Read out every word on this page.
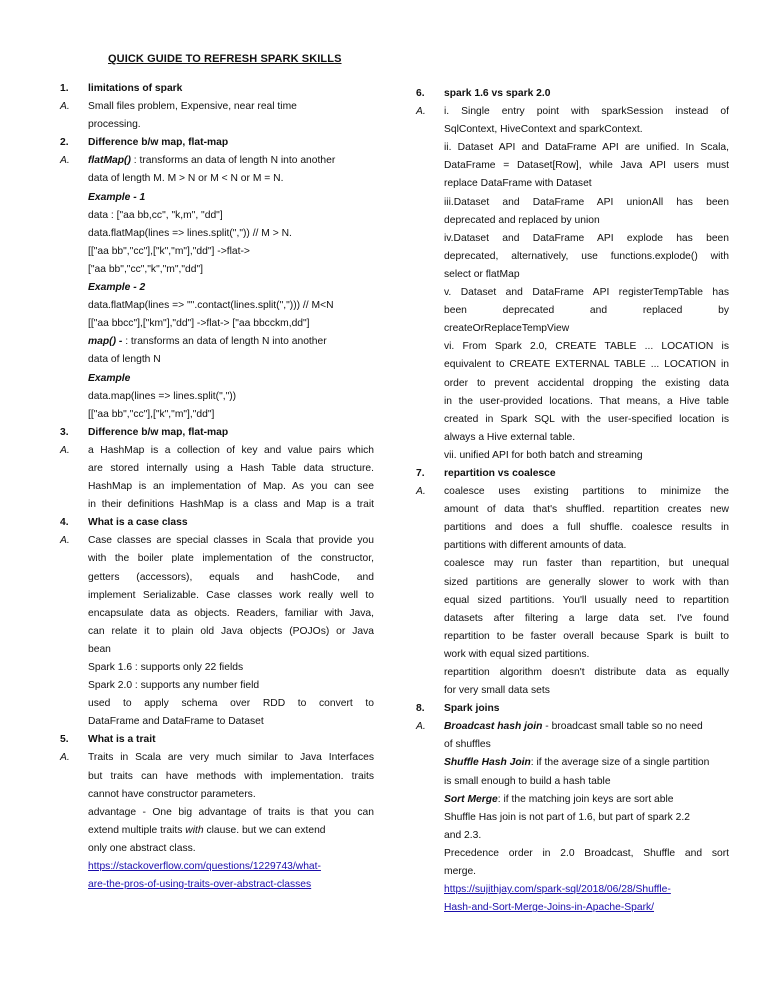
QUICK GUIDE TO REFRESH SPARK SKILLS
1.	limitations of spark
A.	Small files problem, Expensive, near real time
processing.
2.	Difference b/w map, flat-map
A.	flatMap() : transforms an data of length N into another
data of length M. M > N or M < N or M = N.
Example - 1
data : ["aa bb,cc", "k,m", "dd"]
data.flatMap(lines => lines.split(",")) // M > N.
[["aa bb","cc"],["k","m"],"dd"] ->flat->
["aa bb","cc","k","m","dd"]
Example - 2
data.flatMap(lines => "".contact(lines.split(","))) // M<N
[["aa bbcc"],["km"],"dd"] ->flat-> ["aa bbcckm,dd"]
map() - : transforms an data of length N into another
data of length N
Example
data.map(lines => lines.split(","))
[["aa bb","cc"],["k","m"],"dd"]
3.	Difference b/w map, flat-map
A.	a HashMap is a collection of key and value pairs which
are stored internally using a Hash Table data structure.
HashMap is an implementation of Map. As you can see
in their definitions HashMap is a class and Map is a trait
4.	What is a case class
A.	Case classes are special classes in Scala that provide you
with the boiler plate implementation of the constructor,
getters (accessors), equals and hashCode, and
implement Serializable. Case classes work really well to
encapsulate data as objects. Readers, familiar with Java,
can relate it to plain old Java objects (POJOs) or Java
bean
Spark 1.6 : supports only 22 fields
Spark 2.0 : supports any number field
used to apply schema over RDD to convert to
DataFrame and DataFrame to Dataset
5.	What is a trait
A.	Traits in Scala are very much similar to Java Interfaces
but traits can have methods with implementation. traits
cannot have constructor parameters.
advantage - One big advantage of traits is that you can
extend multiple traits with clause. but we can extend
only one abstract class.
https://stackoverflow.com/questions/1229743/what-
are-the-pros-of-using-traits-over-abstract-classes
6.	spark 1.6 vs spark 2.0
A.	i. Single entry point with sparkSession instead of
SqlContext, HiveContext and sparkContext.
ii. Dataset API and DataFrame API are unified. In Scala,
DataFrame = Dataset[Row], while Java API users must
replace DataFrame with Dataset
iii.Dataset and DataFrame API unionAll has been
deprecated and replaced by union
iv.Dataset and DataFrame API explode has been
deprecated, alternatively, use functions.explode() with
select or flatMap
v. Dataset and DataFrame API registerTempTable has
been deprecated and replaced by
createOrReplaceTempView
vi. From Spark 2.0, CREATE TABLE ... LOCATION is
equivalent to CREATE EXTERNAL TABLE ... LOCATION in
order to prevent accidental dropping the existing data
in the user-provided locations. That means, a Hive table
created in Spark SQL with the user-specified location is
always a Hive external table.
vii. unified API for both batch and streaming
7.	repartition vs coalesce
A.	coalesce uses existing partitions to minimize the
amount of data that's shuffled. repartition creates new
partitions and does a full shuffle. coalesce results in
partitions with different amounts of data.
coalesce may run faster than repartition, but unequal
sized partitions are generally slower to work with than
equal sized partitions. You'll usually need to repartition
datasets after filtering a large data set. I've found
repartition to be faster overall because Spark is built to
work with equal sized partitions.
repartition algorithm doesn't distribute data as equally
for very small data sets
8.	Spark joins
A.	Broadcast hash join - broadcast small table so no need
of shuffles
Shuffle Hash Join: if the average size of a single partition
is small enough to build a hash table
Sort Merge: if the matching join keys are sort able
Shuffle Has join is not part of 1.6, but part of spark 2.2
and 2.3.
Precedence order in 2.0 Broadcast, Shuffle and sort
merge.
https://sujithjay.com/spark-sql/2018/06/28/Shuffle-
Hash-and-Sort-Merge-Joins-in-Apache-Spark/
